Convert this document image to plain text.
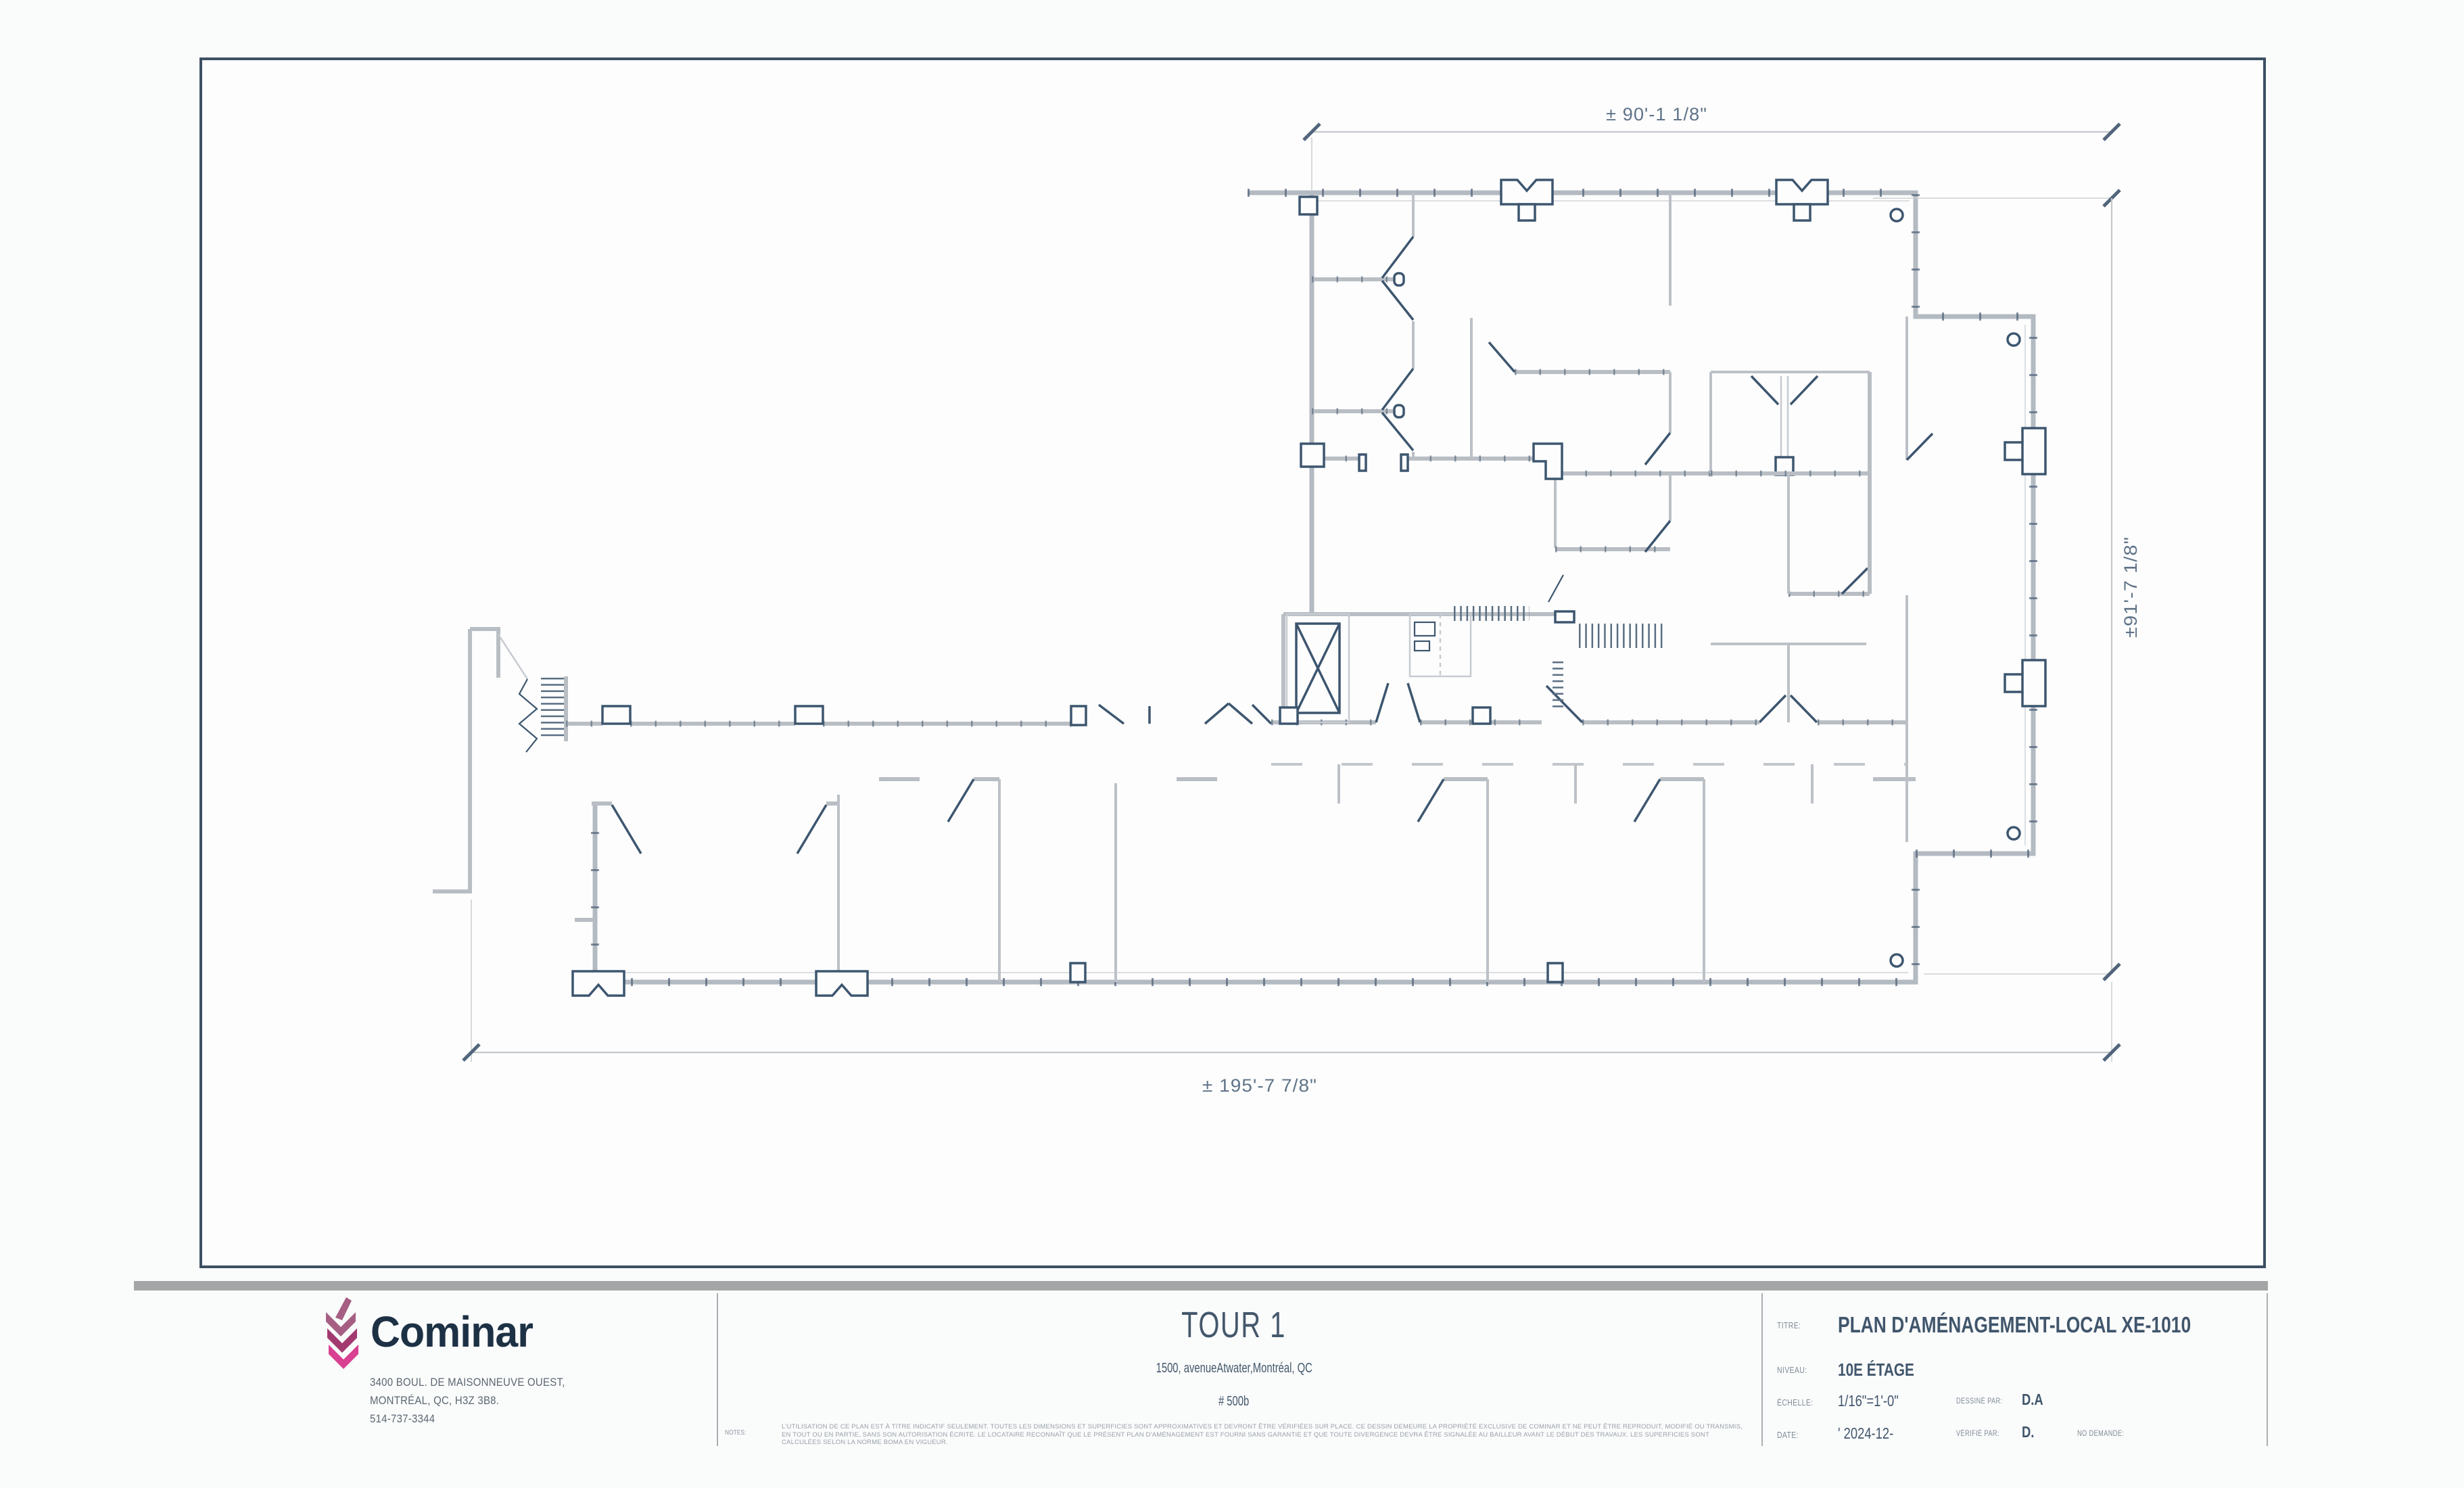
± 90'-1 1/8"
±91'-7 1/8"
± 195'-7 7/8"
Cominar
3400 BOUL. DE MAISONNEUVE OUEST,
MONTRÉAL, QC, H3Z 3B8.
514-737-3344
TOUR 1
1500, avenueAtwater,Montréal, QC
# 500b
NOTES:
L'UTILISATION DE CE PLAN EST À TITRE INDICATIF SEULEMENT. TOUTES LES DIMENSIONS ET SUPERFICIES SONT APPROXIMATIVES ET DEVRONT ÊTRE VÉRIFIÉES SUR PLACE. CE DESSIN DEMEURE LA PROPRIÉTÉ EXCLUSIVE DE COMINAR ET NE PEUT ÊTRE REPRODUIT, MODIFIÉ OU TRANSMIS, EN TOUT OU EN PARTIE, SANS SON AUTORISATION ÉCRITE. LE LOCATAIRE RECONNAÎT QUE LE PRÉSENT PLAN D'AMÉNAGEMENT EST FOURNI SANS GARANTIE ET QUE TOUTE DIVERGENCE DEVRA ÊTRE SIGNALÉE AU BAILLEUR AVANT LE DÉBUT DES TRAVAUX. LES SUPERFICIES SONT CALCULÉES SELON LA NORME BOMA EN VIGUEUR.
TITRE: PLAN D'AMÉNAGEMENT-LOCAL XE-1010
NIVEAU:	10E ÉTAGE
ÉCHELLE:	1/16"=1'-0"
DATE:	' 2024-12-
DESSINÉ PAR:	D.A
VÉRIFIÉ PAR:	D.	NO DEMANDE:
